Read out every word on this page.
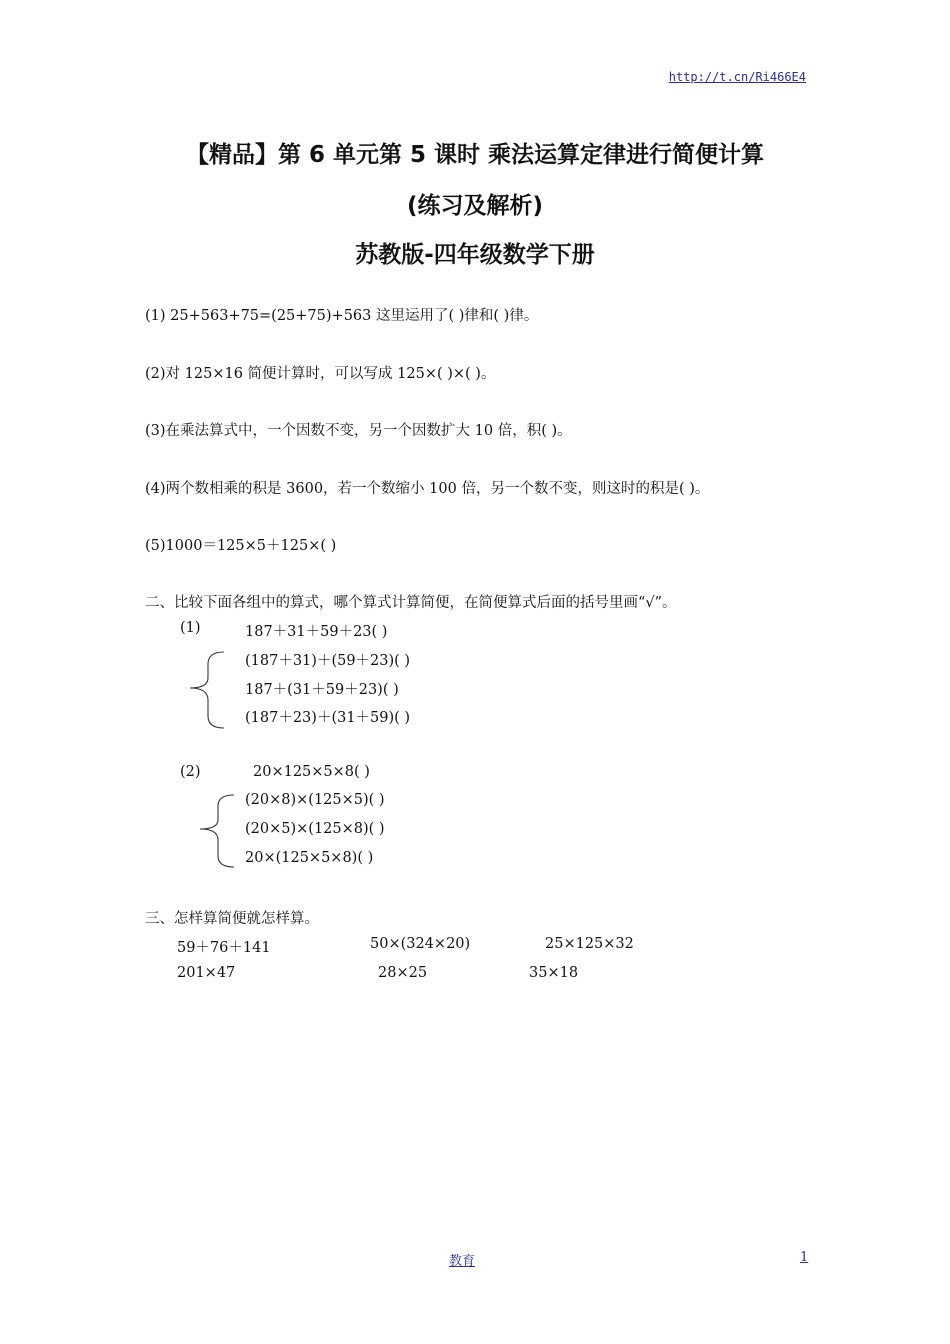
http://t.cn/Ri466E4
【精品】第 6 单元第 5 课时 乘法运算定律进行简便计算
(练习及解析)
苏教版-四年级数学下册
(1) 25+563+75=(25+75)+563 这里运用了( )律和( )律。
(2)对 125×16 简便计算时，可以写成 125×( )×( )。
(3)在乘法算式中，一个因数不变，另一个因数扩大 10 倍，积( )。
(4)两个数相乘的积是 3600，若一个数缩小 100 倍，另一个数不变，则这时的积是( )。
(5)1000＝125×5＋125×( )
二、比较下面各组中的算式，哪个算式计算简便，在简便算式后面的括号里画“√”。
(1)	187＋31＋59＋23( )
(187＋31)＋(59＋23)( )
187＋(31＋59＋23)( )
(187＋23)＋(31＋59)( )
(2)	20×125×5×8( )
(20×8)×(125×5)( )
(20×5)×(125×8)( )
20×(125×5×8)( )
三、怎样算简便就怎样算。
59＋76＋141	50×(324×20)	25×125×32
201×47	28×25	35×18
教育	1
